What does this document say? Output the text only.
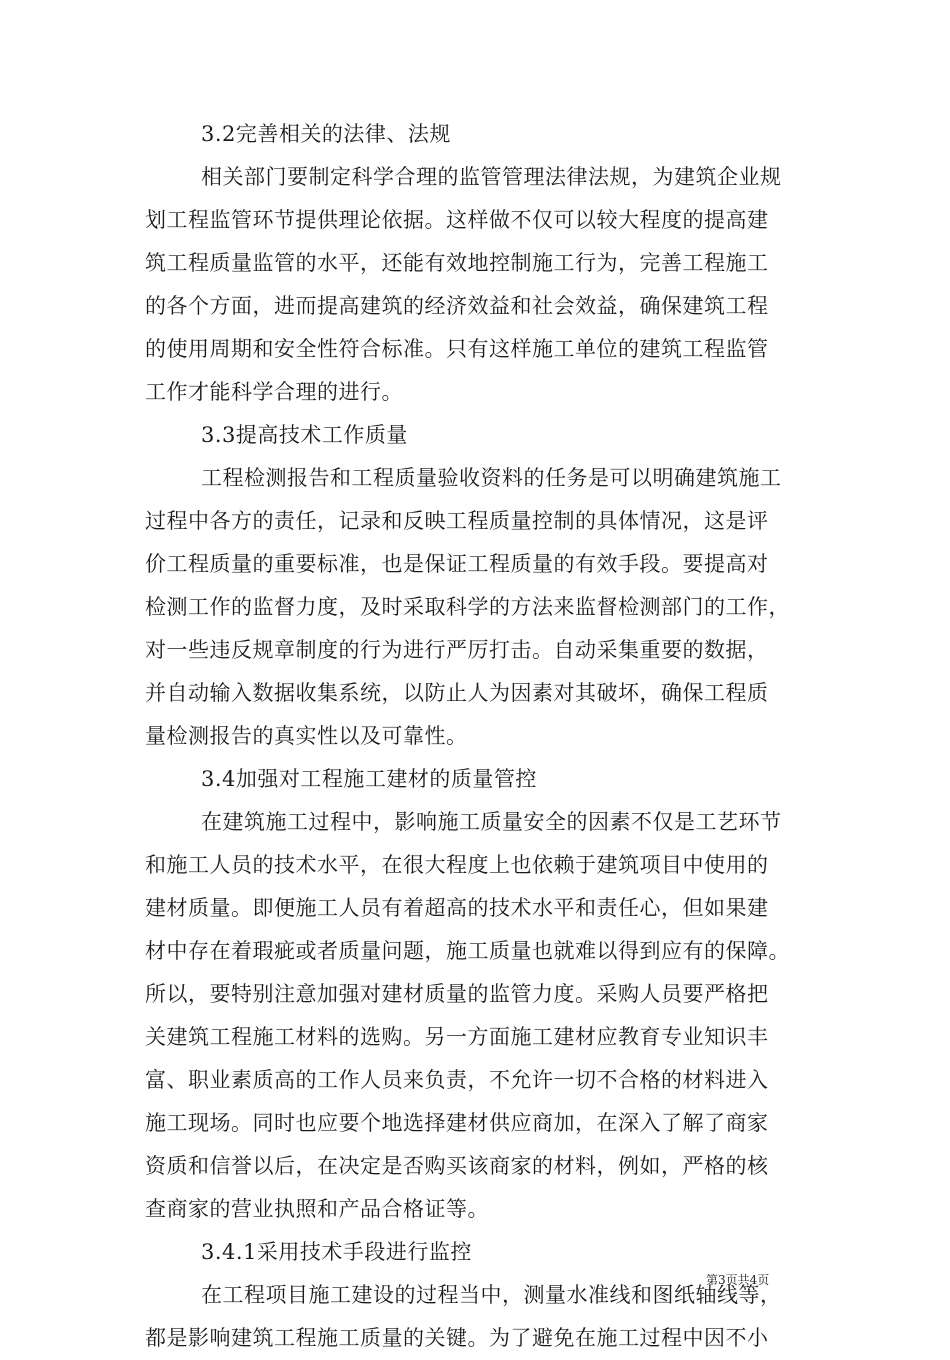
3.2完善相关的法律、法规
相关部门要制定科学合理的监管管理法律法规，为建筑企业规
划工程监管环节提供理论依据。这样做不仅可以较大程度的提高建
筑工程质量监管的水平，还能有效地控制施工行为，完善工程施工
的各个方面，进而提高建筑的经济效益和社会效益，确保建筑工程
的使用周期和安全性符合标准。只有这样施工单位的建筑工程监管
工作才能科学合理的进行。
3.3提高技术工作质量
工程检测报告和工程质量验收资料的任务是可以明确建筑施工
过程中各方的责任，记录和反映工程质量控制的具体情况，这是评
价工程质量的重要标准，也是保证工程质量的有效手段。要提高对
检测工作的监督力度，及时采取科学的方法来监督检测部门的工作，
对一些违反规章制度的行为进行严厉打击。自动采集重要的数据，
并自动输入数据收集系统，以防止人为因素对其破坏，确保工程质
量检测报告的真实性以及可靠性。
3.4加强对工程施工建材的质量管控
在建筑施工过程中，影响施工质量安全的因素不仅是工艺环节
和施工人员的技术水平，在很大程度上也依赖于建筑项目中使用的
建材质量。即便施工人员有着超高的技术水平和责任心，但如果建
材中存在着瑕疵或者质量问题，施工质量也就难以得到应有的保障。
所以，要特别注意加强对建材质量的监管力度。采购人员要严格把
关建筑工程施工材料的选购。另一方面施工建材应教育专业知识丰
富、职业素质高的工作人员来负责，不允许一切不合格的材料进入
施工现场。同时也应要个地选择建材供应商加，在深入了解了商家
资质和信誉以后，在决定是否购买该商家的材料，例如，严格的核
查商家的营业执照和产品合格证等。
3.4.1采用技术手段进行监控
在工程项目施工建设的过程当中，测量水准线和图纸轴线等，
都是影响建筑工程施工质量的关键。为了避免在施工过程中因不小
第3页共4页
